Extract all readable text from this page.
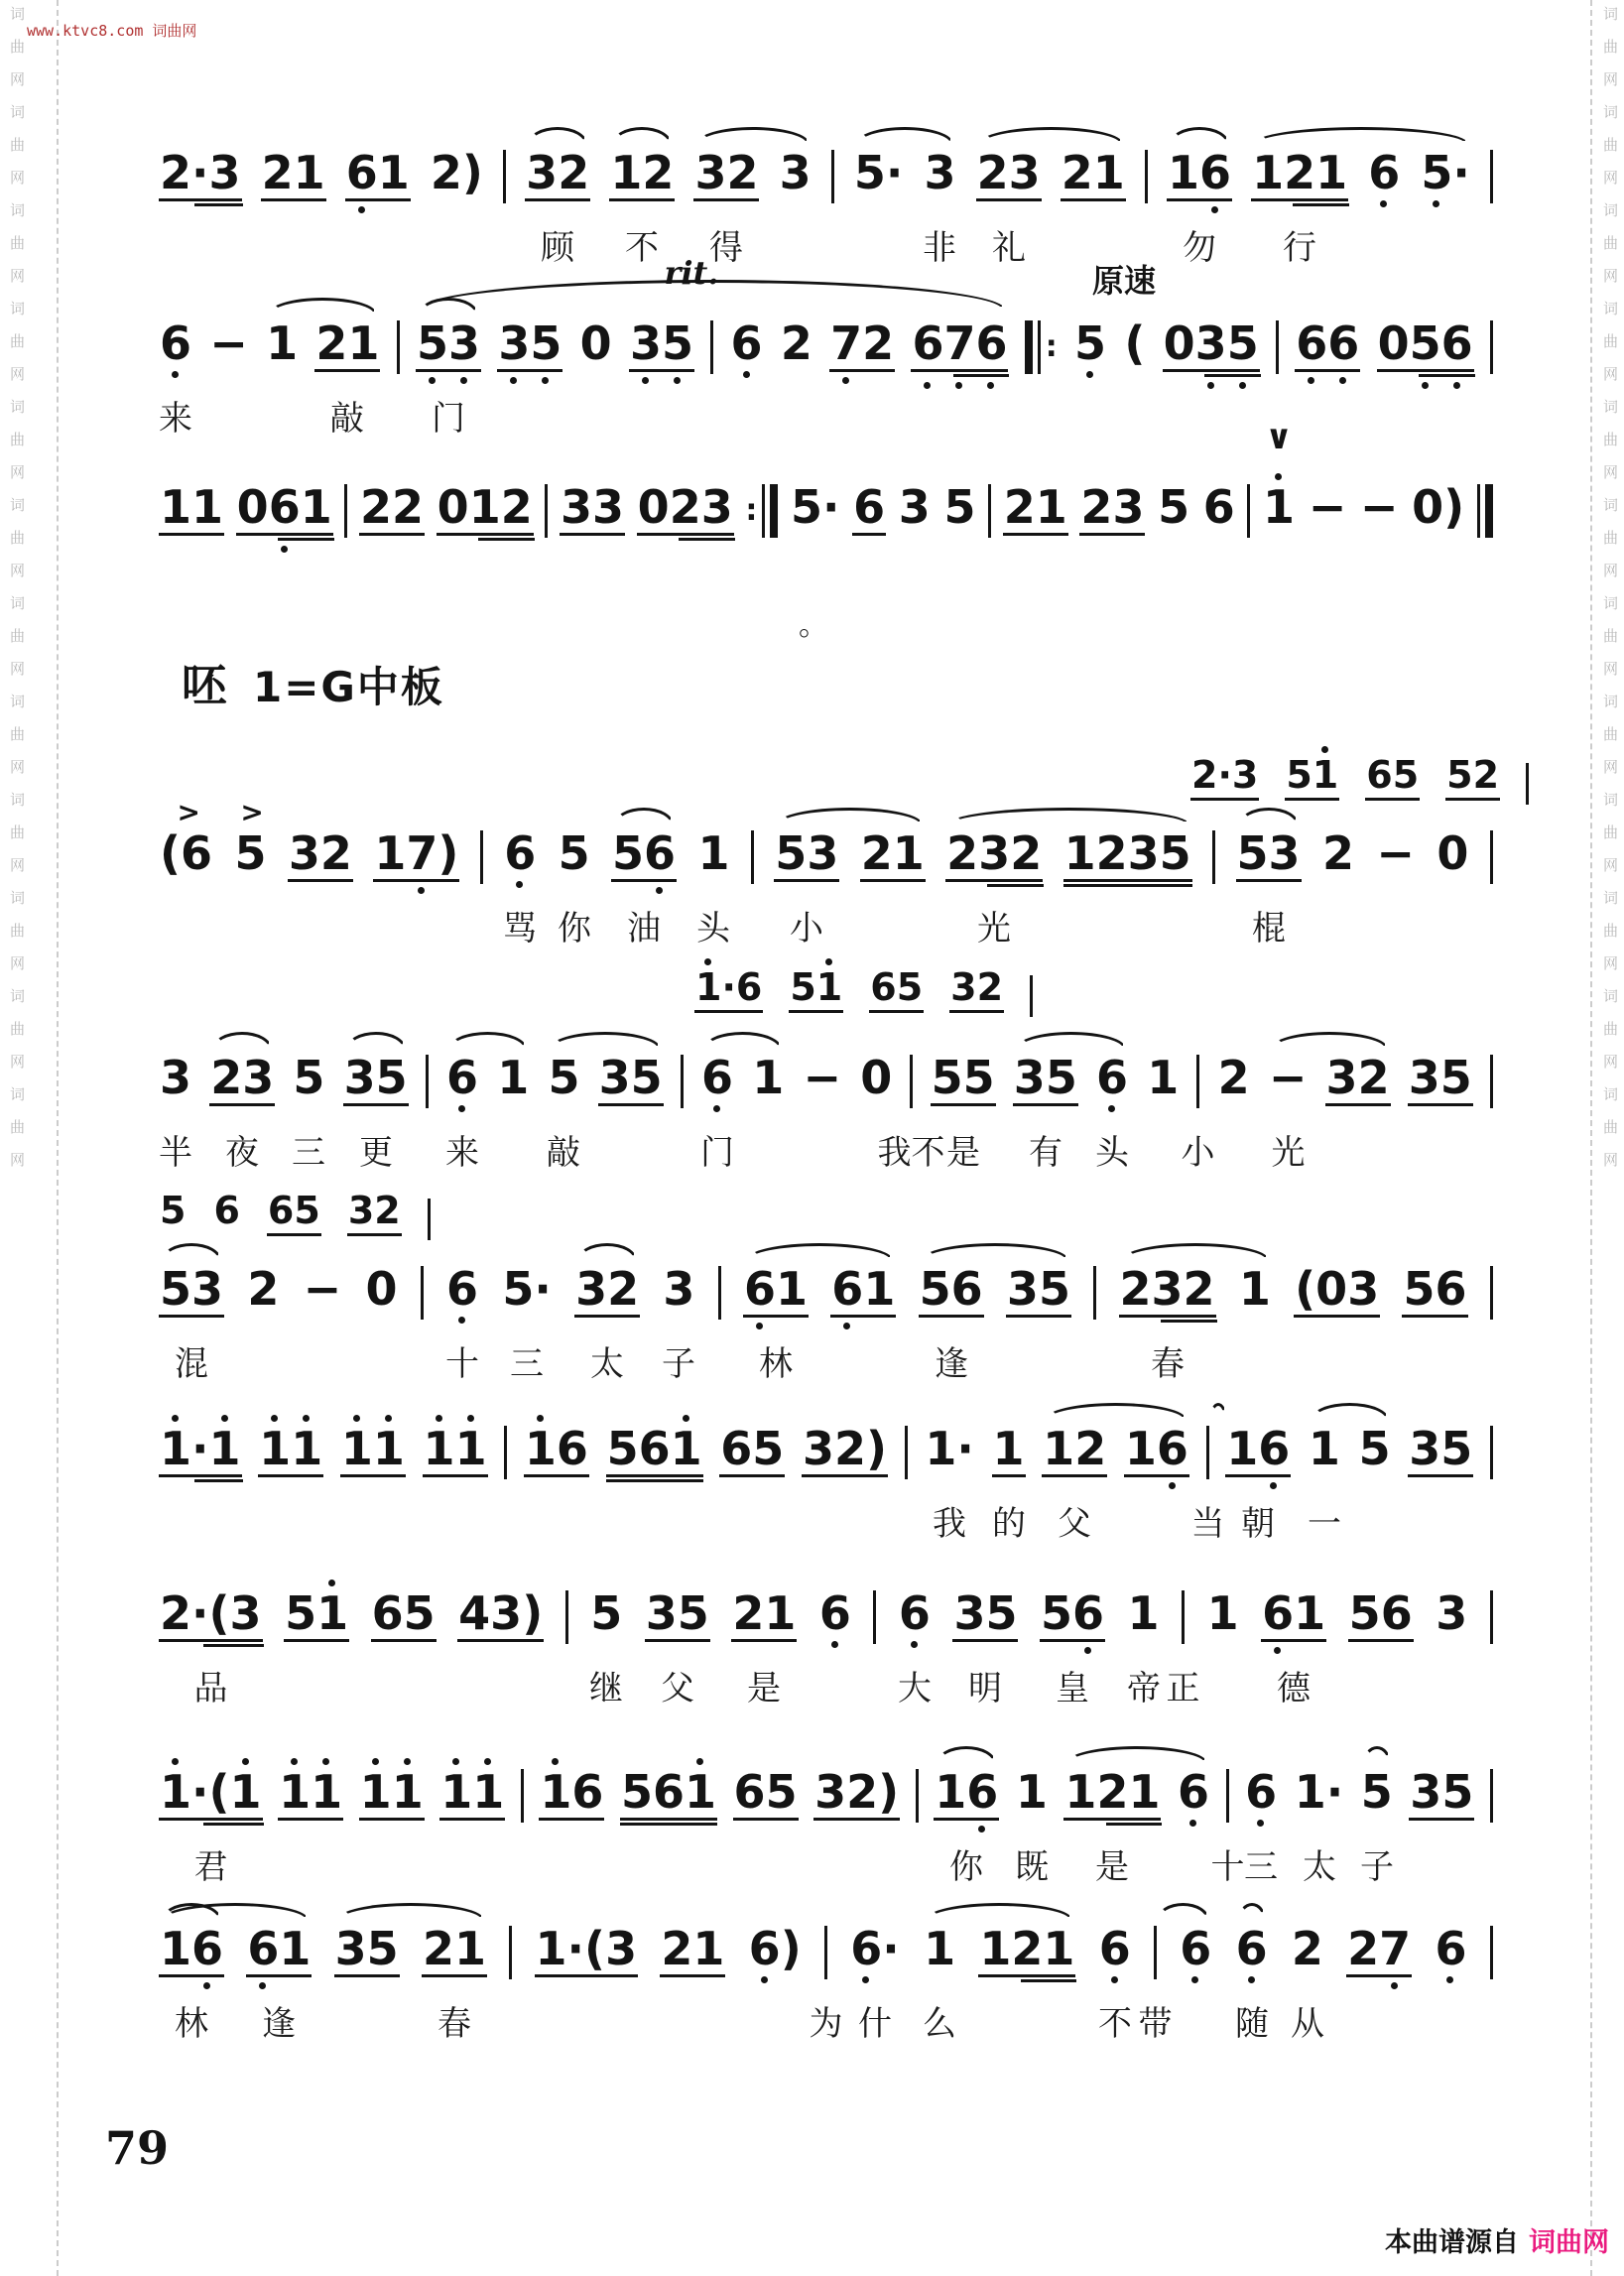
词曲网词曲网词曲网词曲网词曲网词曲网词曲网词曲网词曲网词曲网词曲网词曲网	词曲网词曲网词曲网词曲网词曲网词曲网词曲网词曲网词曲网词曲网词曲网词曲网
www.ktvc8.com 词曲网
呸 1=G中板
2·3 21 6
1 2) 32 12 32 3 5· 3 23 21 16 121 6 5
·
顾 不 得	非 礼	勿 行
6 − 1 21 5
3 3
5 0 3
5 6 2 7
2 6
7
6 : 5 ( 03
5 6
6 05
6
rit.	原速
来	敲 门
11 06
1 22 012 33 023 : 5· 6 3 5 21 23 5 6 1 − − 0)
∨
。
(6
>
5
>
32 17
) 6 5 56 1 53 21 232 1235 53 2 − 0
2·3 51 65 52
骂 你 油 头 小	光	棍
3 23 5 35 6 1 5 35 6 1 − 0 55 35 6 1 2 − 32 35
1
·6 51 65 32
半 夜 三 更 来 敲	门	我不 是 有 头 小 光
53 2 − 0 6 5· 32 3 6
1 6
1 56 35 232 1 (03 56
5 6 65 32
混	十 三 太 子 林	逢	春
1
·1 1
1 1
1 1
1 1
6 561 65 32) 1· 1 12 16 16 1 5 35
我 的 父	当 朝 一
2·(3 51 65 43) 5 35 21 6 6 35 56 1 1 6
1 56 3
品	继 父 是	大 明 皇 帝 正 德
1
·(1 1
1 1
1 1
1 1
6 561 65 32) 16 1 121 6 6 1· 5 35
君	你 既 是 十 三 太 子
16 6
1 35 21 1·(3 21 6
) 6
· 1 121 6 6 6 2 27 6
林 逢	春	为 什 么	不 带 随 从
79
本曲谱源自 词曲网
